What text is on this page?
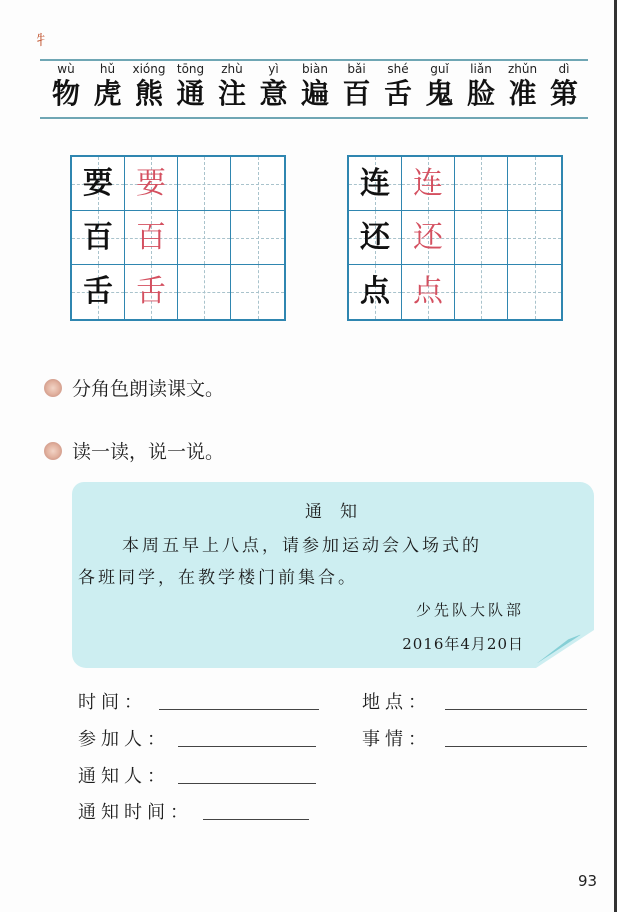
牜
wù
物
hǔ
虎
xióng
熊
tōng
通
zhù
注
yì
意
biàn
遍
bǎi
百
shé
舌
guǐ
鬼
liǎn
脸
zhǔn
准
dì
第
要 要
百 百
舌 舌
连 连
还 还
点 点
分角色朗读课文。
读一读，说一说。
通知
本周五早上八点，请参加运动会入场式的
各班同学，在教学楼门前集合。
少先队大队部
2016年4月20日
时间：	地点：
参加人：	事情：
通知人：
通知时间：
93
